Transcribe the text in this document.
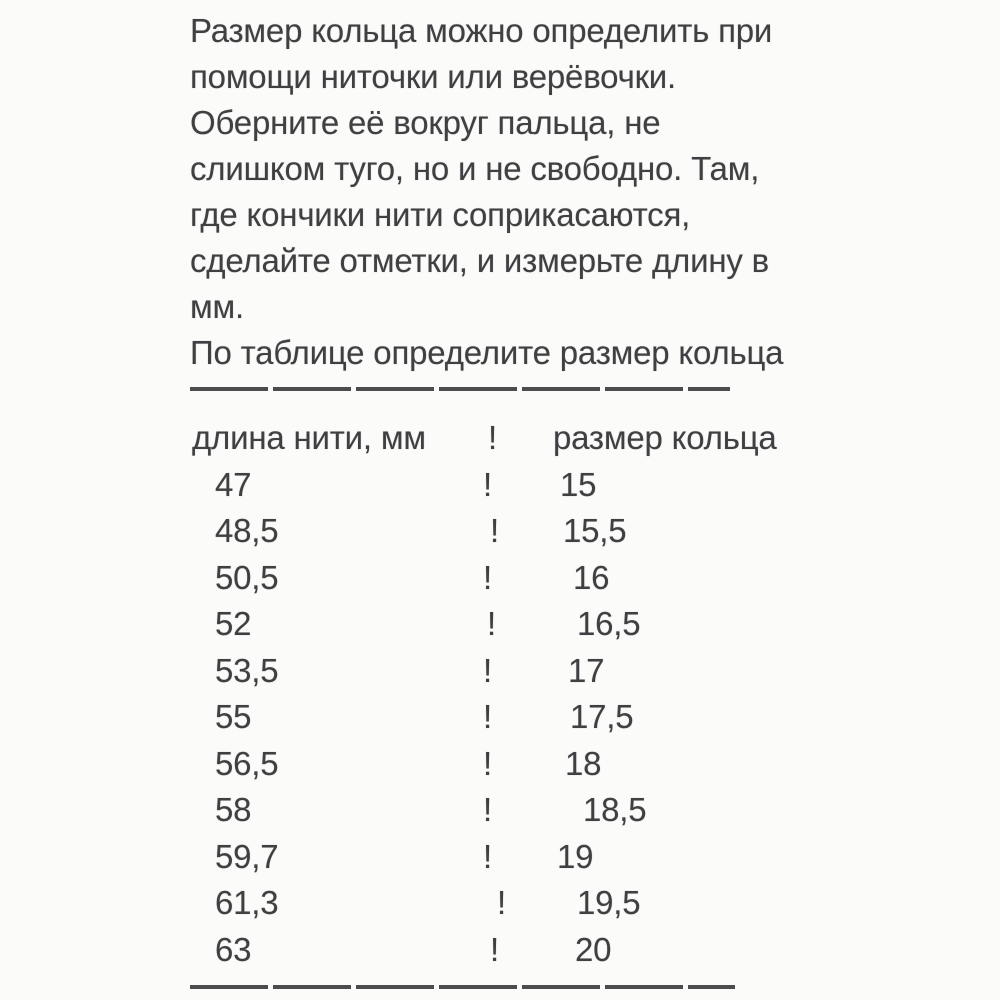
Размер кольца можно определить при
помощи ниточки или верёвочки.
Оберните её вокруг пальца, не
слишком туго, но и не свободно. Там,
где кончики нити соприкасаются,
сделайте отметки, и измерьте длину в
мм.
По таблице определите размер кольца
длина нити, мм ! размер кольца
47	! 15
48,5	! 15,5
50,5	! 16
52	! 16,5
53,5	! 17
55	! 17,5
56,5	! 18
58	!	18,5
59,7	! 19
61,3	! 19,5
63	! 20
